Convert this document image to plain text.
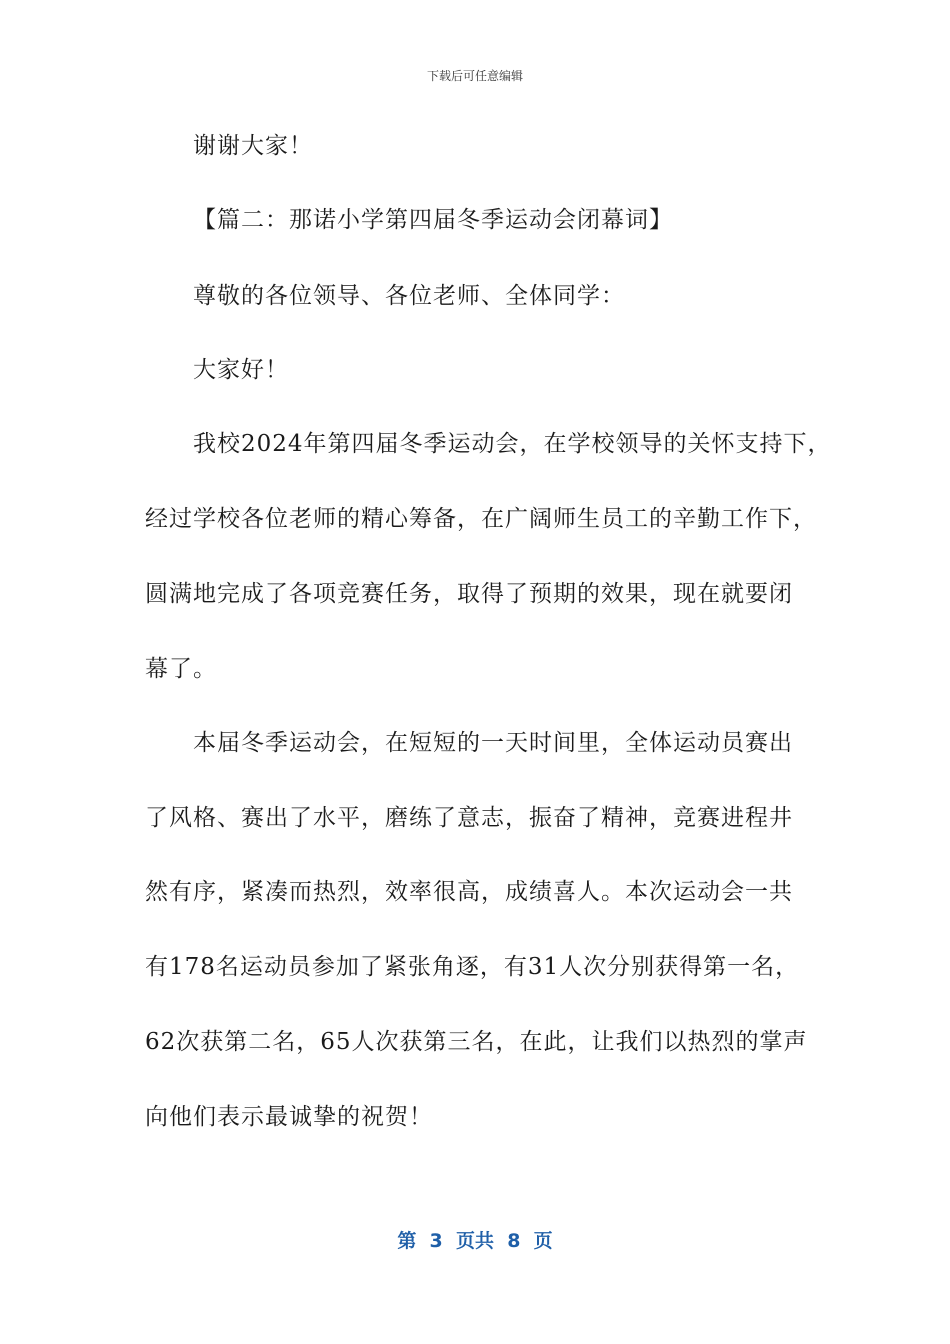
下载后可任意编辑
谢谢大家！
【篇二：那诺小学第四届冬季运动会闭幕词】
尊敬的各位领导、各位老师、全体同学：
大家好！
我校2024年第四届冬季运动会，在学校领导的关怀支持下，
经过学校各位老师的精心筹备，在广阔师生员工的辛勤工作下，
圆满地完成了各项竞赛任务，取得了预期的效果，现在就要闭
幕了。
本届冬季运动会，在短短的一天时间里，全体运动员赛出
了风格、赛出了水平，磨练了意志，振奋了精神，竞赛进程井
然有序，紧凑而热烈，效率很高，成绩喜人。本次运动会一共
有178名运动员参加了紧张角逐，有31人次分别获得第一名，
62次获第二名，65人次获第三名，在此，让我们以热烈的掌声
向他们表示最诚挚的祝贺！
第  3  页共  8  页
